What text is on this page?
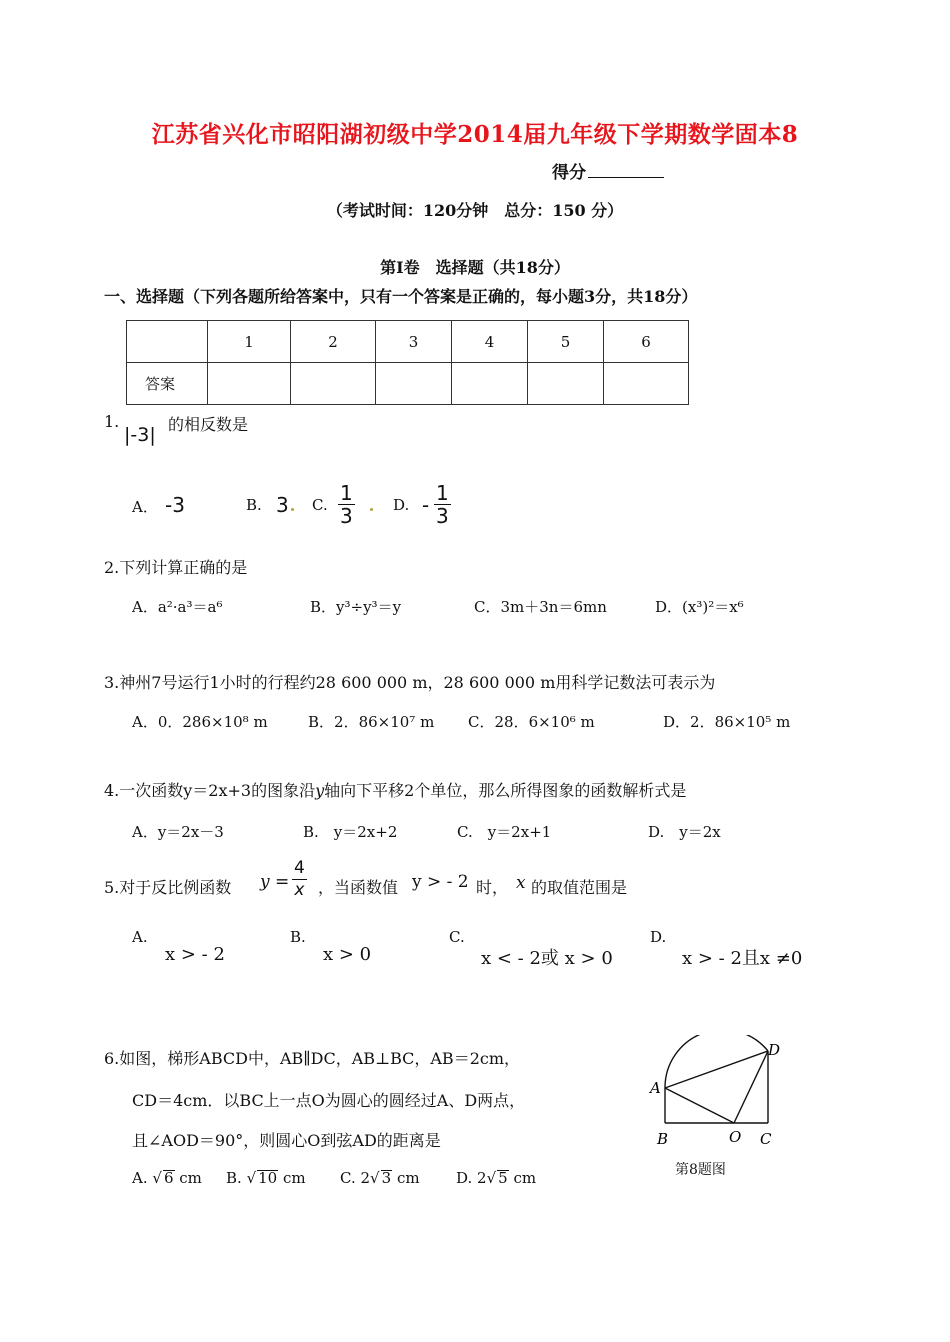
江苏省兴化市昭阳湖初级中学2014届九年级下学期数学固本8
得分
（考试时间：120分钟　总分：150 分）
第Ⅰ卷　选择题（共18分）
一、选择题（下列各题所给答案中，只有一个答案是正确的，每小题3分，共18分）
	1	2	3	4	5	6
答案						
1.
|-3| 的相反数是
A． -3	B. 3 C. $\frac{1}{3}$	D. - $\frac{1}{3}$
2.下列计算正确的是
A．a²·a³＝a⁶	B．y³÷y³＝y	C．3m＋3n＝6mn	D．(x³)²＝x⁶
3.神州7号运行1小时的行程约28 600 000 m，28 600 000 m用科学记数法可表示为
A．0．286×10⁸ m	B．2．86×10⁷ m C．28．6×10⁶ m	D．2．86×10⁵ m
4.一次函数y＝2x+3的图象沿y轴向下平移2个单位，那么所得图象的函数解析式是
A．y＝2x－3	B.　y＝2x+2	C.　y＝2x+1	D.　y＝2x
5.对于反比例函数 $y = \frac{4}{x}$ ，当函数值 y > - 2 时， x 的取值范围是
A.
x > - 2
B.
x > 0
C.
x < - 2或 x > 0
D.
x > - 2且x ≠0
6.如图，梯形ABCD中，AB∥DC，AB⊥BC，AB＝2cm，
CD＝4cm．以BC上一点O为圆心的圆经过A、D两点，
且∠AOD＝90°，则圆心O到弦AD的距离是
A. √ 6 cm B. √ 10 cm C. 2√ 3 cm D. 2√ 5 cm
A
B	O C
D
第8题图
